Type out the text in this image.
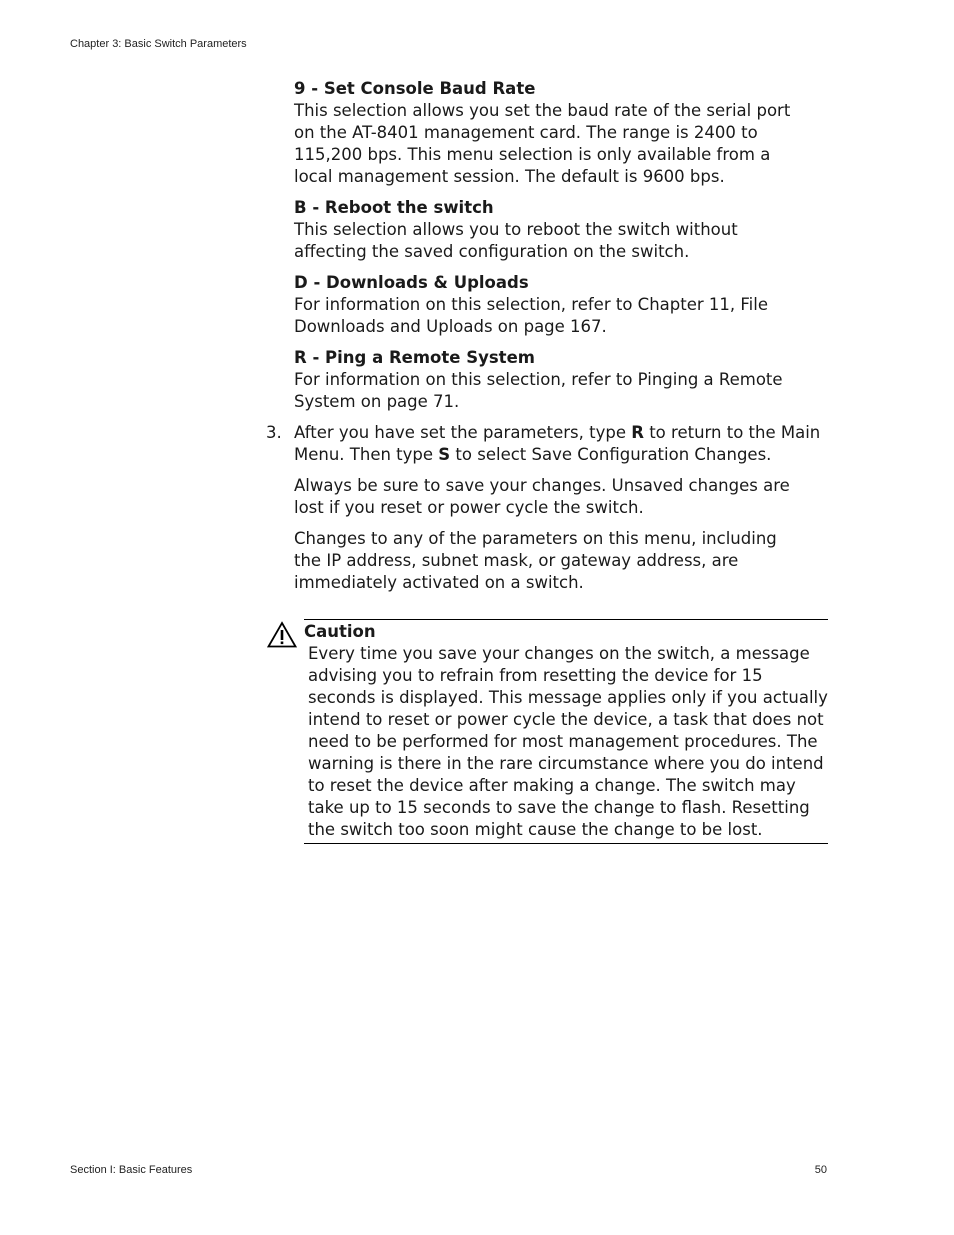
Chapter 3: Basic Switch Parameters

9 - Set Console Baud Rate

This selection allows you set the baud rate of the serial port on the AT-8401 management card. The range is 2400 to 115,200 bps. This menu selection is only available from a local management session. The default is 9600 bps.

B - Reboot the switch

This selection allows you to reboot the switch without affecting the saved configuration on the switch.

D - Downloads & Uploads

For information on this selection, refer to Chapter 11, File Downloads and Uploads on page 167.

R - Ping a Remote System

For information on this selection, refer to Pinging a Remote System on page 71.

3. After you have set the parameters, type R to return to the Main Menu. Then type S to select Save Configuration Changes.

Always be sure to save your changes. Unsaved changes are lost if you reset or power cycle the switch.

Changes to any of the parameters on this menu, including the IP address, subnet mask, or gateway address, are immediately activated on a switch.

Caution

Every time you save your changes on the switch, a message advising you to refrain from resetting the device for 15 seconds is displayed. This message applies only if you actually intend to reset or power cycle the device, a task that does not need to be performed for most management procedures. The warning is there in the rare circumstance where you do intend to reset the device after making a change. The switch may take up to 15 seconds to save the change to flash. Resetting the switch too soon might cause the change to be lost.

Section I: Basic Features	50
